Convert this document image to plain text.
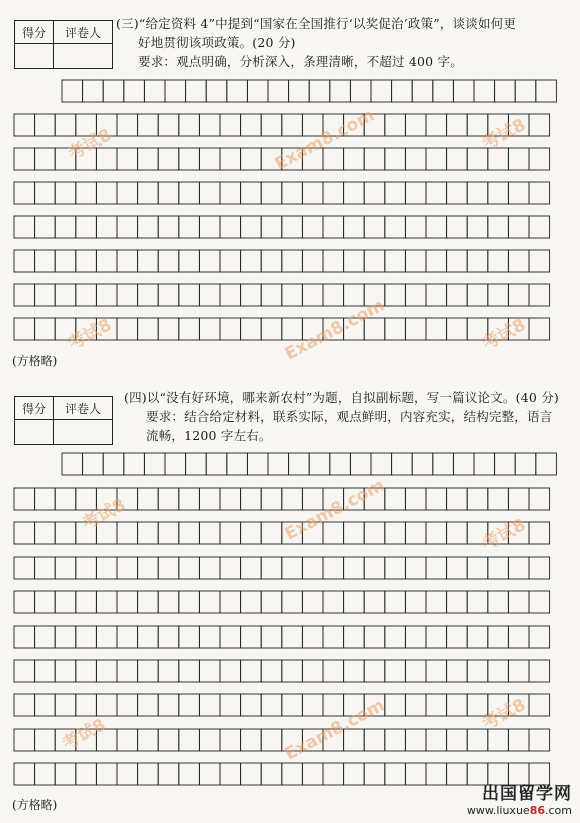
得分	评卷人

(三)“给定资料 4”中提到“国家在全国推行‘以奖促治’政策”，谈谈如何更

好地贯彻该项政策。(20 分)

要求：观点明确，分析深入，条理清晰，不超过 400 字。

得分	评卷人

(四)以“没有好环境，哪来新农村”为题，自拟副标题，写一篇议论文。(40 分)

要求：结合给定材料，联系实际，观点鲜明，内容充实，结构完整，语言

流畅，1200 字左右。

(方格略)
(方格略)
考试8	Exam8.com	考试8
考试8	Exam8.com	考试8
考试8	Exam8.com	考试8
考试8	Exam8.com	考试8
出国留学网
www.liuxue86.com
